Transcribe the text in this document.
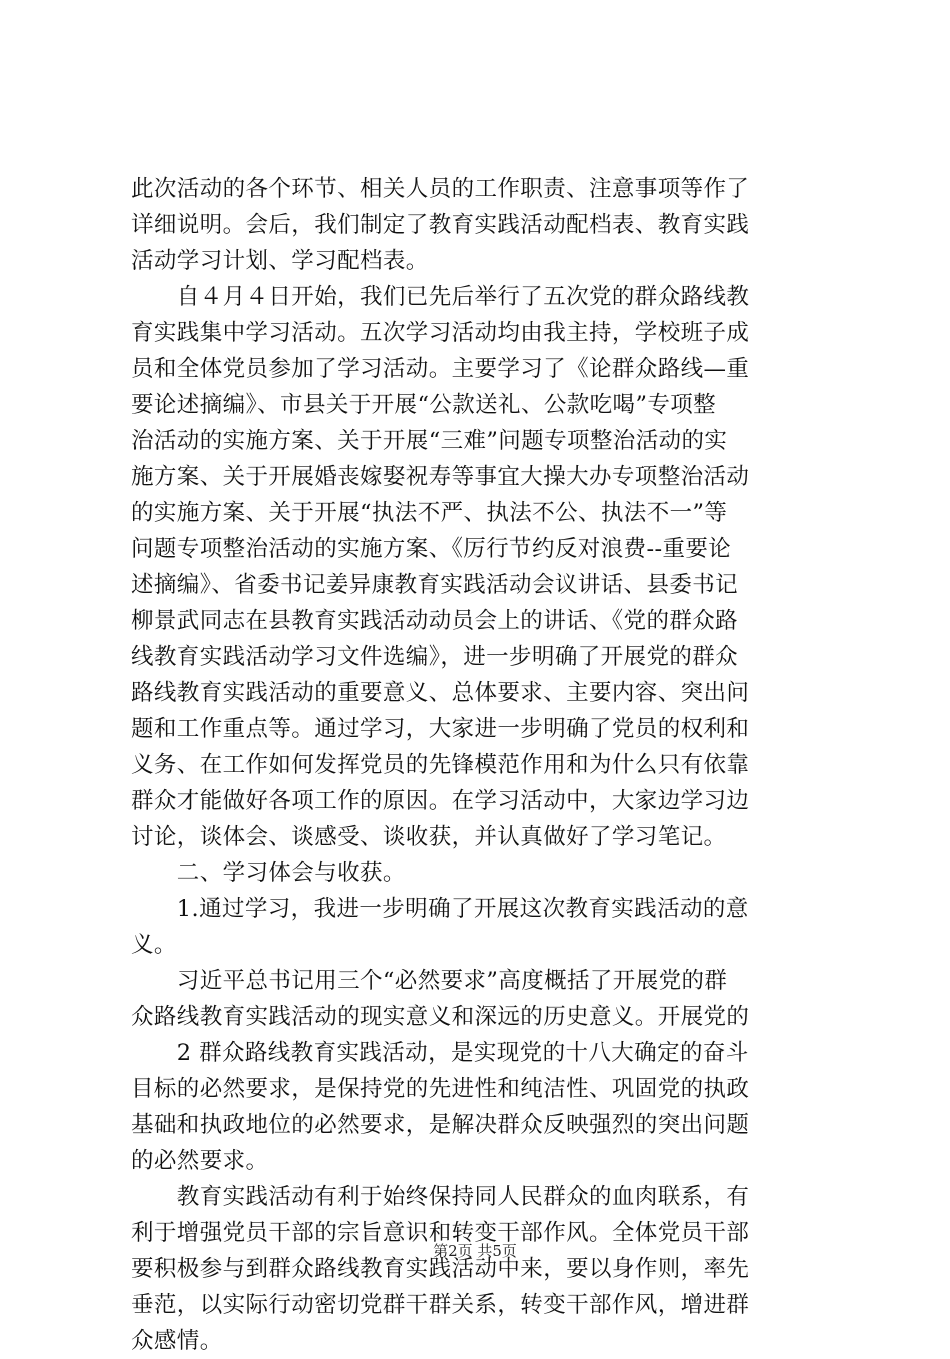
此次活动的各个环节、相关人员的工作职责、注意事项等作了
详细说明。会后，我们制定了教育实践活动配档表、教育实践
活动学习计划、学习配档表。
　　自４月４日开始，我们已先后举行了五次党的群众路线教
育实践集中学习活动。五次学习活动均由我主持，学校班子成
员和全体党员参加了学习活动。主要学习了《论群众路线—重
要论述摘编》、市县关于开展“公款送礼、公款吃喝”专项整
治活动的实施方案、关于开展“三难”问题专项整治活动的实
施方案、关于开展婚丧嫁娶祝寿等事宜大操大办专项整治活动
的实施方案、关于开展“执法不严、执法不公、执法不一”等
问题专项整治活动的实施方案、《厉行节约反对浪费--重要论
述摘编》、省委书记姜异康教育实践活动会议讲话、县委书记
柳景武同志在县教育实践活动动员会上的讲话、《党的群众路
线教育实践活动学习文件选编》，进一步明确了开展党的群众
路线教育实践活动的重要意义、总体要求、主要内容、突出问
题和工作重点等。通过学习，大家进一步明确了党员的权利和
义务、在工作如何发挥党员的先锋模范作用和为什么只有依靠
群众才能做好各项工作的原因。在学习活动中，大家边学习边
讨论，谈体会、谈感受、谈收获，并认真做好了学习笔记。
　　二、学习体会与收获。
　　1.通过学习，我进一步明确了开展这次教育实践活动的意
义。
　　习近平总书记用三个“必然要求”高度概括了开展党的群
众路线教育实践活动的现实意义和深远的历史意义。开展党的
　　2 群众路线教育实践活动，是实现党的十八大确定的奋斗
目标的必然要求，是保持党的先进性和纯洁性、巩固党的执政
基础和执政地位的必然要求，是解决群众反映强烈的突出问题
的必然要求。
　　教育实践活动有利于始终保持同人民群众的血肉联系，有
利于增强党员干部的宗旨意识和转变干部作风。全体党员干部
要积极参与到群众路线教育实践活动中来，要以身作则，率先
垂范，以实际行动密切党群干群关系，转变干部作风，增进群
众感情。
第2页 共5页
